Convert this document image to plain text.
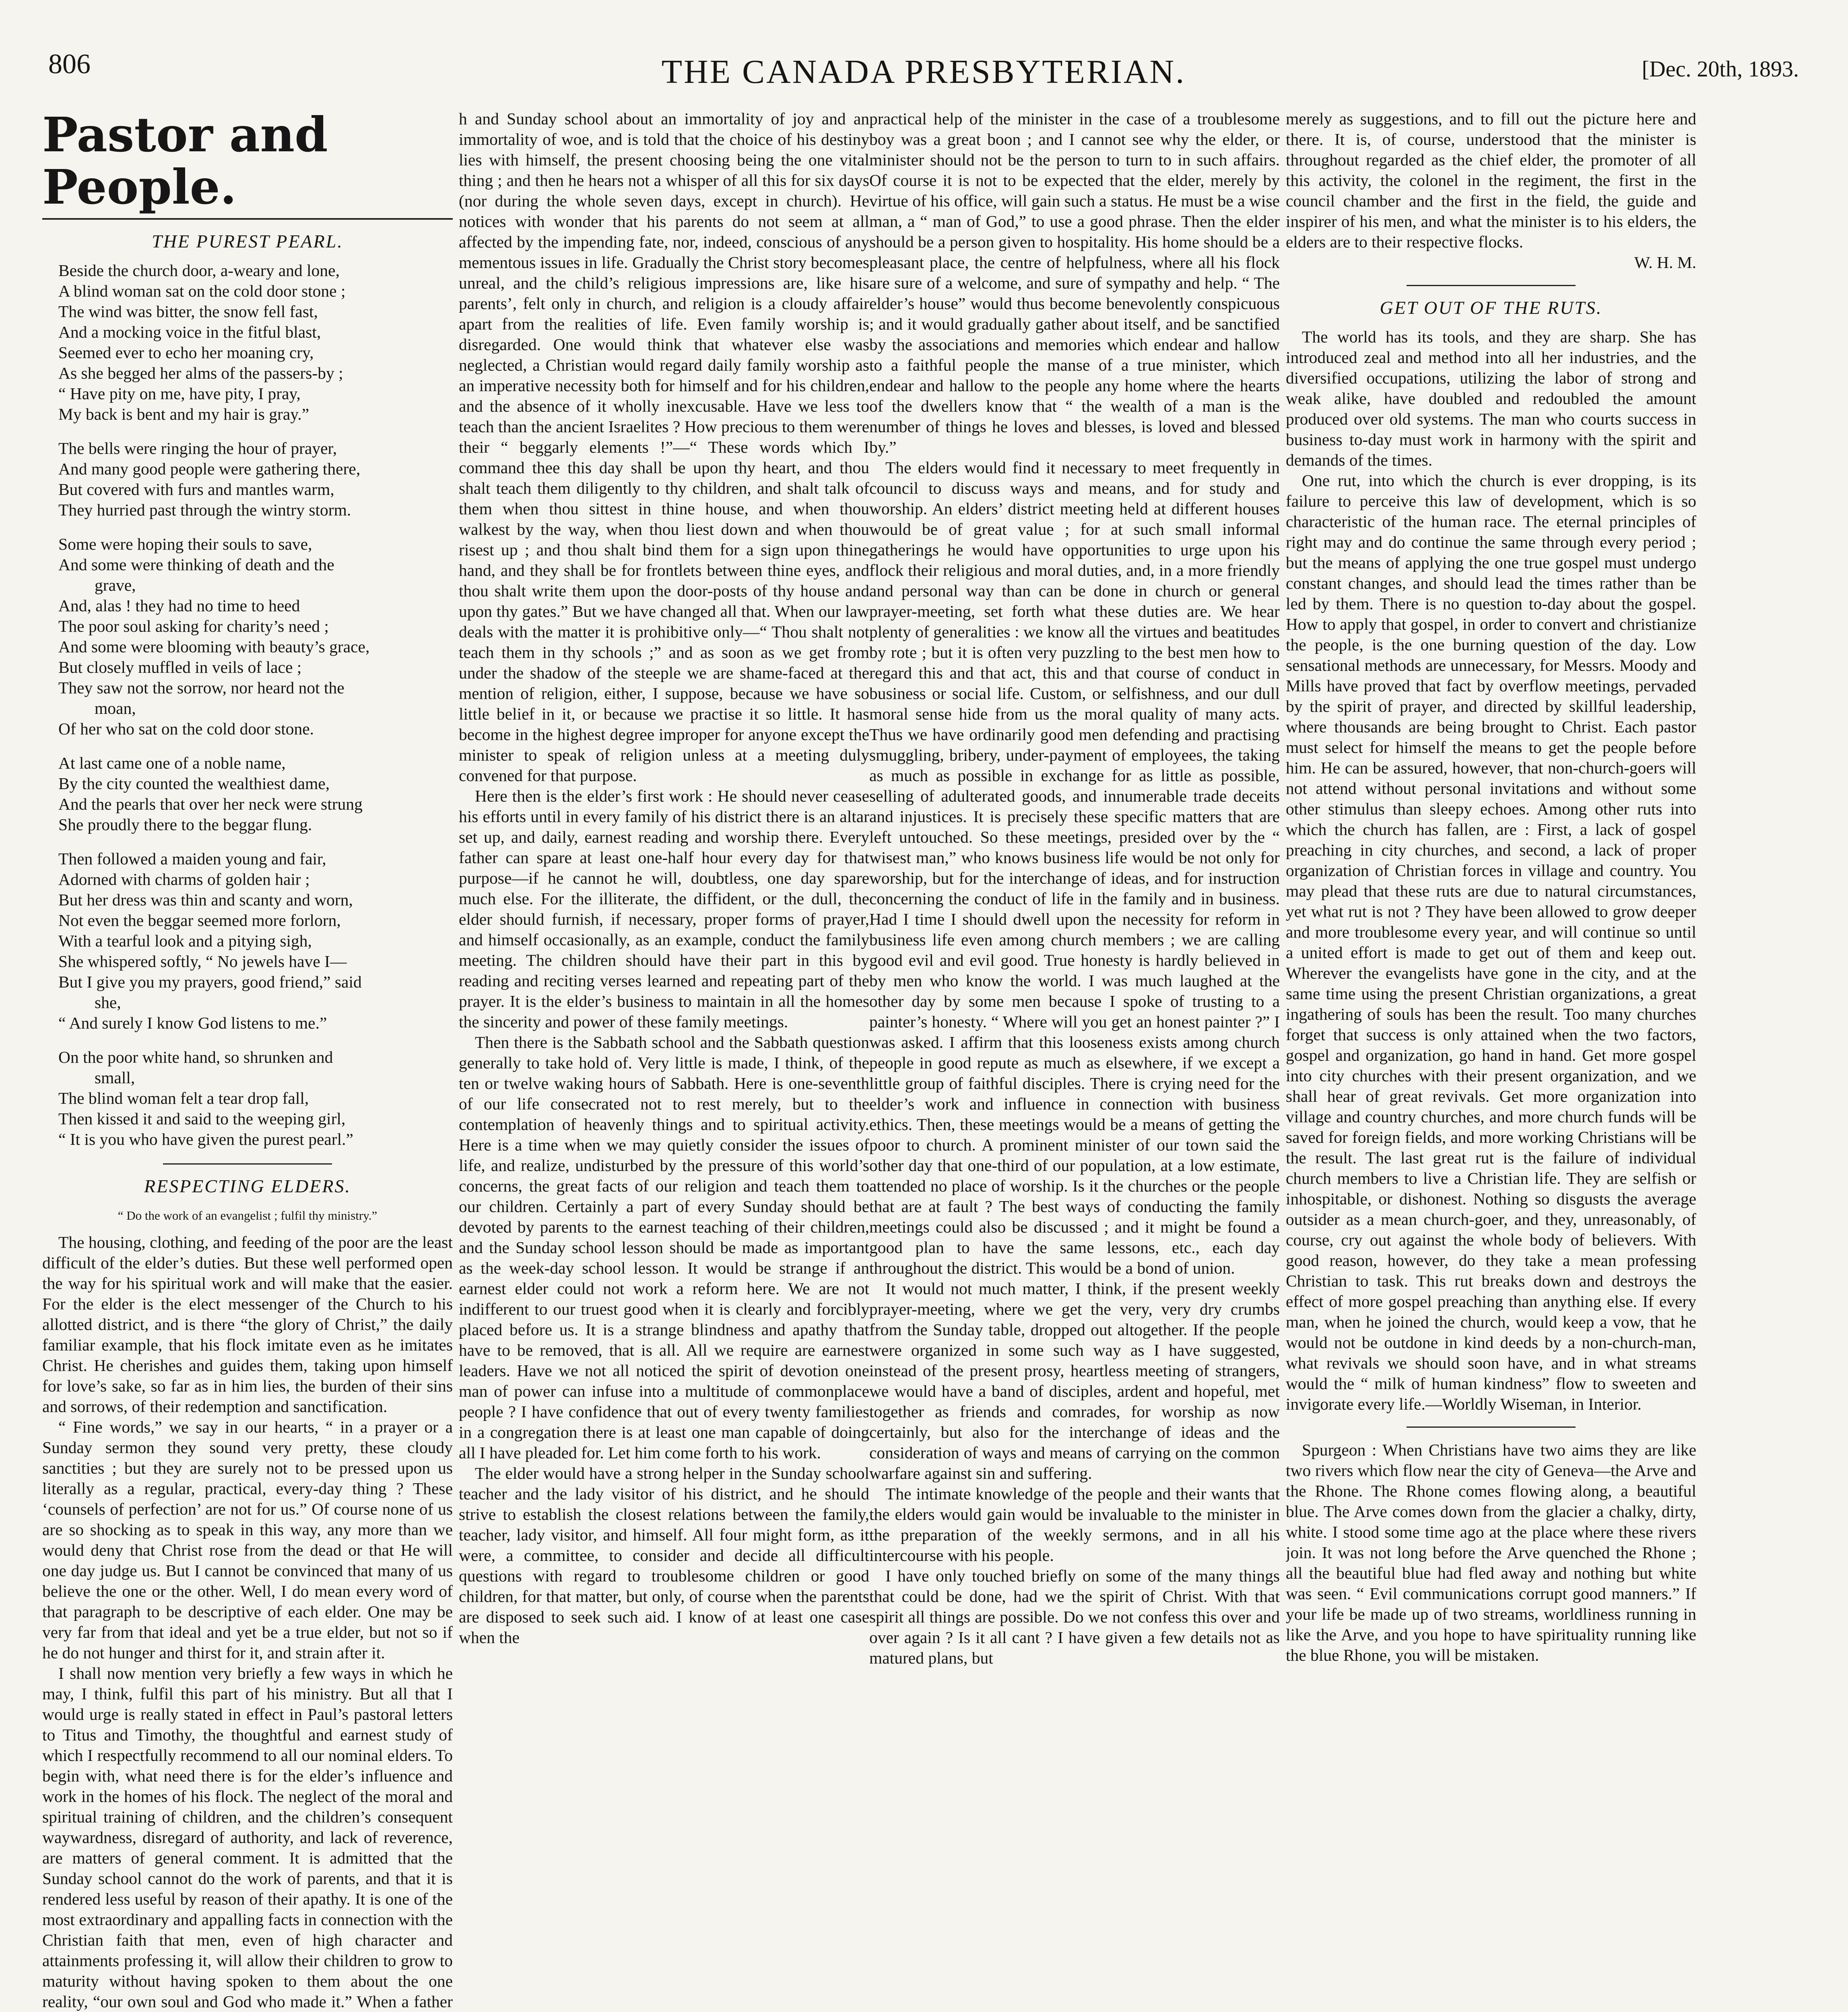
806	THE CANADA PRESBYTERIAN.	[Dec. 20th, 1893.
Pastor and People.
THE PUREST PEARL.
Beside the church door, a-weary and lone,
A blind woman sat on the cold door stone ;
The wind was bitter, the snow fell fast,
And a mocking voice in the fitful blast,
Seemed ever to echo her moaning cry,
As she begged her alms of the passers-by ;
“ Have pity on me, have pity, I pray,
My back is bent and my hair is gray.”
The bells were ringing the hour of prayer,
And many good people were gathering there,
But covered with furs and mantles warm,
They hurried past through the wintry storm.
Some were hoping their souls to save,
And some were thinking of death and the
grave,
And, alas ! they had no time to heed
The poor soul asking for charity’s need ;
And some were blooming with beauty’s grace,
But closely muffled in veils of lace ;
They saw not the sorrow, nor heard not the
moan,
Of her who sat on the cold door stone.
At last came one of a noble name,
By the city counted the wealthiest dame,
And the pearls that over her neck were strung
She proudly there to the beggar flung.
Then followed a maiden young and fair,
Adorned with charms of golden hair ;
But her dress was thin and scanty and worn,
Not even the beggar seemed more forlorn,
With a tearful look and a pitying sigh,
She whispered softly, “ No jewels have I—
But I give you my prayers, good friend,” said
she,
“ And surely I know God listens to me.”
On the poor white hand, so shrunken and
small,
The blind woman felt a tear drop fall,
Then kissed it and said to the weeping girl,
“ It is you who have given the purest pearl.”
RESPECTING ELDERS.
“ Do the work of an evangelist ; fulfil thy ministry.”

The housing, clothing, and feeding of the poor are the least difficult of the elder’s duties. But these well performed open the way for his spiritual work and will make that the easier. For the elder is the elect messenger of the Church to his allotted district, and is there “the glory of Christ,” the daily familiar example, that his flock imitate even as he imitates Christ. He cherishes and guides them, taking upon himself for love’s sake, so far as in him lies, the burden of their sins and sorrows, of their redemption and sanctification.

“ Fine words,” we say in our hearts, “ in a prayer or a Sunday sermon they sound very pretty, these cloudy sanctities ; but they are surely not to be pressed upon us literally as a regular, practical, every-day thing ? These ‘counsels of perfection’ are not for us.” Of course none of us are so shocking as to speak in this way, any more than we would deny that Christ rose from the dead or that He will one day judge us. But I cannot be convinced that many of us believe the one or the other. Well, I do mean every word of that paragraph to be descriptive of each elder. One may be very far from that ideal and yet be a true elder, but not so if he do not hunger and thirst for it, and strain after it.

I shall now mention very briefly a few ways in which he may, I think, fulfil this part of his ministry. But all that I would urge is really stated in effect in Paul’s pastoral letters to Titus and Timothy, the thoughtful and earnest study of which I respectfully recommend to all our nominal elders. To begin with, what need there is for the elder’s influence and work in the homes of his flock. The neglect of the moral and spiritual training of children, and the children’s consequent waywardness, disregard of authority, and lack of reverence, are matters of general comment. It is admitted that the Sunday school cannot do the work of parents, and that it is rendered less useful by reason of their apathy. It is one of the most extraordinary and appalling facts in connection with the Christian faith that men, even of high character and attainments professing it, will allow their children to grow to maturity without having spoken to them about the one reality, “our own soul and God who made it.” When a father

h and Sunday school about an immortality of joy and an immortality of woe, and is told that the choice of his destiny lies with himself, the present choosing being the one vital thing ; and then he hears not a whisper of all this for six days (nor during the whole seven days, except in church). He notices with wonder that his parents do not seem at all affected by the impending fate, nor, indeed, conscious of any mementous issues in life. Gradually the Christ story becomes unreal, and the child’s religious impressions are, like his parents’, felt only in church, and religion is a cloudy affair apart from the realities of life. Even family worship is disregarded. One would think that whatever else was neglected, a Christian would regard daily family worship as an imperative necessity both for himself and for his children, and the absence of it wholly inexcusable. Have we less to teach than the ancient Israelites ? How precious to them were their “ beggarly elements !”—“ These words which I command thee this day shall be upon thy heart, and thou shalt teach them diligently to thy children, and shalt talk of them when thou sittest in thine house, and when thou walkest by the way, when thou liest down and when thou risest up ; and thou shalt bind them for a sign upon thine hand, and they shall be for frontlets between thine eyes, and thou shalt write them upon the door-posts of thy house and upon thy gates.” But we have changed all that. When our law deals with the matter it is prohibitive only—“ Thou shalt not teach them in thy schools ;” and as soon as we get from under the shadow of the steeple we are shame-faced at the mention of religion, either, I suppose, because we have so little belief in it, or because we practise it so little. It has become in the highest degree improper for anyone except the minister to speak of religion unless at a meeting duly convened for that purpose.

Here then is the elder’s first work : He should never cease his efforts until in every family of his district there is an altar set up, and daily, earnest reading and worship there. Every father can spare at least one-half hour every day for that purpose—if he cannot he will, doubtless, one day spare much else. For the illiterate, the diffident, or the dull, the elder should furnish, if necessary, proper forms of prayer, and himself occasionally, as an example, conduct the family meeting. The children should have their part in this by reading and reciting verses learned and repeating part of the prayer. It is the elder’s business to maintain in all the homes the sincerity and power of these family meetings.

Then there is the Sabbath school and the Sabbath question generally to take hold of. Very little is made, I think, of the ten or twelve waking hours of Sabbath. Here is one-seventh of our life consecrated not to rest merely, but to the contemplation of heavenly things and to spiritual activity. Here is a time when we may quietly consider the issues of life, and realize, undisturbed by the pressure of this world’s concerns, the great facts of our religion and teach them to our children. Certainly a part of every Sunday should be devoted by parents to the earnest teaching of their children, and the Sunday school lesson should be made as important as the week-day school lesson. It would be strange if an earnest elder could not work a reform here. We are not indifferent to our truest good when it is clearly and forcibly placed before us. It is a strange blindness and apathy that have to be removed, that is all. All we require are earnest leaders. Have we not all noticed the spirit of devotion one man of power can infuse into a multitude of commonplace people ? I have confidence that out of every twenty families in a congregation there is at least one man capable of doing all I have pleaded for. Let him come forth to his work.

The elder would have a strong helper in the Sunday school teacher and the lady visitor of his district, and he should strive to establish the closest relations between the family, teacher, lady visitor, and himself. All four might form, as it were, a committee, to consider and decide all difficult questions with regard to troublesome children or good children, for that matter, but only, of course when the parents are disposed to seek such aid. I know of at least one case when the

practical help of the minister in the case of a troublesome boy was a great boon ; and I cannot see why the elder, or minister should not be the person to turn to in such affairs. Of course it is not to be expected that the elder, merely by virtue of his office, will gain such a status. He must be a wise man, a “ man of God,” to use a good phrase. Then the elder should be a person given to hospitality. His home should be a pleasant place, the centre of helpfulness, where all his flock are sure of a welcome, and sure of sympathy and help. “ The elder’s house” would thus become benevolently conspicuous ; and it would gradually gather about itself, and be sanctified by the associations and memories which endear and hallow to a faithful people the manse of a true minister, which endear and hallow to the people any home where the hearts of the dwellers know that “ the wealth of a man is the number of things he loves and blesses, is loved and blessed by.”

The elders would find it necessary to meet frequently in council to discuss ways and means, and for study and worship. An elders’ district meeting held at different houses would be of great value ; for at such small informal gatherings he would have opportunities to urge upon his flock their religious and moral duties, and, in a more friendly and personal way than can be done in church or general prayer-meeting, set forth what these duties are. We hear plenty of generalities : we know all the virtues and beatitudes by rote ; but it is often very puzzling to the best men how to regard this and that act, this and that course of conduct in business or social life. Custom, or selfishness, and our dull moral sense hide from us the moral quality of many acts. Thus we have ordinarily good men defending and practising smuggling, bribery, under-payment of employees, the taking as much as possible in exchange for as little as possible, selling of adulterated goods, and innumerable trade deceits and injustices. It is precisely these specific matters that are left untouched. So these meetings, presided over by the “ wisest man,” who knows business life would be not only for worship, but for the interchange of ideas, and for instruction concerning the conduct of life in the family and in business. Had I time I should dwell upon the necessity for reform in business life even among church members ; we are calling good evil and evil good. True honesty is hardly believed in by men who know the world. I was much laughed at the other day by some men because I spoke of trusting to a painter’s honesty. “ Where will you get an honest painter ?” I was asked. I affirm that this looseness exists among church people in good repute as much as elsewhere, if we except a little group of faithful disciples. There is crying need for the elder’s work and influence in connection with business ethics. Then, these meetings would be a means of getting the poor to church. A prominent minister of our town said the other day that one-third of our population, at a low estimate, attended no place of worship. Is it the churches or the people that are at fault ? The best ways of conducting the family meetings could also be discussed ; and it might be found a good plan to have the same lessons, etc., each day throughout the district. This would be a bond of union.

It would not much matter, I think, if the present weekly prayer-meeting, where we get the very, very dry crumbs from the Sunday table, dropped out altogether. If the people were organized in some such way as I have suggested, instead of the present prosy, heartless meeting of strangers, we would have a band of disciples, ardent and hopeful, met together as friends and comrades, for worship as now certainly, but also for the interchange of ideas and the consideration of ways and means of carrying on the common warfare against sin and suffering.

The intimate knowledge of the people and their wants that the elders would gain would be invaluable to the minister in the preparation of the weekly sermons, and in all his intercourse with his people.

I have only touched briefly on some of the many things that could be done, had we the spirit of Christ. With that spirit all things are possible. Do we not confess this over and over again ? Is it all cant ? I have given a few details not as matured plans, but

merely as suggestions, and to fill out the picture here and there. It is, of course, understood that the minister is throughout regarded as the chief elder, the promoter of all this activity, the colonel in the regiment, the first in the council chamber and the first in the field, the guide and inspirer of his men, and what the minister is to his elders, the elders are to their respective flocks.

W. H. M.
GET OUT OF THE RUTS.

The world has its tools, and they are sharp. She has introduced zeal and method into all her industries, and the diversified occupations, utilizing the labor of strong and weak alike, have doubled and redoubled the amount produced over old systems. The man who courts success in business to-day must work in harmony with the spirit and demands of the times.

One rut, into which the church is ever dropping, is its failure to perceive this law of development, which is so characteristic of the human race. The eternal principles of right may and do continue the same through every period ; but the means of applying the one true gospel must undergo constant changes, and should lead the times rather than be led by them. There is no question to-day about the gospel. How to apply that gospel, in order to convert and christianize the people, is the one burning question of the day. Low sensational methods are unnecessary, for Messrs. Moody and Mills have proved that fact by overflow meetings, pervaded by the spirit of prayer, and directed by skillful leadership, where thousands are being brought to Christ. Each pastor must select for himself the means to get the people before him. He can be assured, however, that non-church-goers will not attend without personal invitations and without some other stimulus than sleepy echoes. Among other ruts into which the church has fallen, are : First, a lack of gospel preaching in city churches, and second, a lack of proper organization of Christian forces in village and country. You may plead that these ruts are due to natural circumstances, yet what rut is not ? They have been allowed to grow deeper and more troublesome every year, and will continue so until a united effort is made to get out of them and keep out. Wherever the evangelists have gone in the city, and at the same time using the present Christian organizations, a great ingathering of souls has been the result. Too many churches forget that success is only attained when the two factors, gospel and organization, go hand in hand. Get more gospel into city churches with their present organization, and we shall hear of great revivals. Get more organization into village and country churches, and more church funds will be saved for foreign fields, and more working Christians will be the result. The last great rut is the failure of individual church members to live a Christian life. They are selfish or inhospitable, or dishonest. Nothing so disgusts the average outsider as a mean church-goer, and they, unreasonably, of course, cry out against the whole body of believers. With good reason, however, do they take a mean professing Christian to task. This rut breaks down and destroys the effect of more gospel preaching than anything else. If every man, when he joined the church, would keep a vow, that he would not be outdone in kind deeds by a non-church-man, what revivals we should soon have, and in what streams would the “ milk of human kindness” flow to sweeten and invigorate every life.—Worldly Wiseman, in Interior.

Spurgeon : When Christians have two aims they are like two rivers which flow near the city of Geneva—the Arve and the Rhone. The Rhone comes flowing along, a beautiful blue. The Arve comes down from the glacier a chalky, dirty, white. I stood some time ago at the place where these rivers join. It was not long before the Arve quenched the Rhone ; all the beautiful blue had fled away and nothing but white was seen. “ Evil communications corrupt good manners.” If your life be made up of two streams, worldliness running in like the Arve, and you hope to have spirituality running like the blue Rhone, you will be mistaken.
